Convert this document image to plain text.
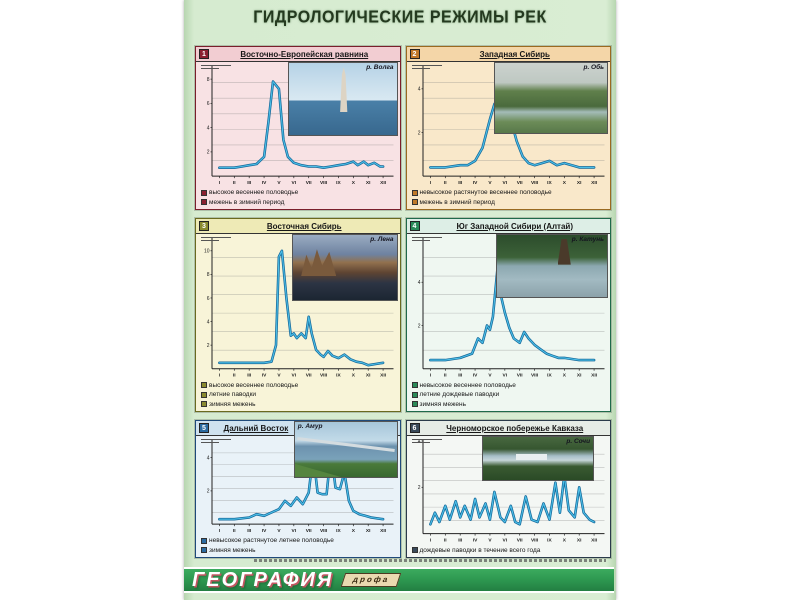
ГИДРОЛОГИЧЕСКИЕ РЕЖИМЫ РЕК
1	Восточно-Европейская равнина
2
4
6
8
I	II III IV V VI VII VIII IX X XI XII
р. Волга
высокое весеннее половодье
межень в зимний период
2	Западная Сибирь
2
4
I	II III IV V VI VII VIII IX X XI XII
р. Обь
невысокое растянутое весеннее половодье
межень в зимний период
3	Восточная Сибирь
2
4
6
8
10
I	II III IV V VI VII VIII IX X XI XII
р. Лена
высокое весеннее половодье
летние паводки
зимняя межень
4	Юг Западной Сибири (Алтай)
2
4
I	II III IV V VI VII VIII IX X XI XII
р. Катунь
невысокое весеннее половодье
летние дождевые паводки
зимняя межень
5	Дальний Восток
2
4
I	II III IV V VI VII VIII IX X XI XII
р. Амур
невысокое растянутое летнее половодье
зимняя межень
6	Черноморское побережье Кавказа
2
I	II III IV V VI VII VIII IX X XI XII
р. Сочи
дождевые паводки в течение всего года
ГЕОГРАФИЯ	дрофа
